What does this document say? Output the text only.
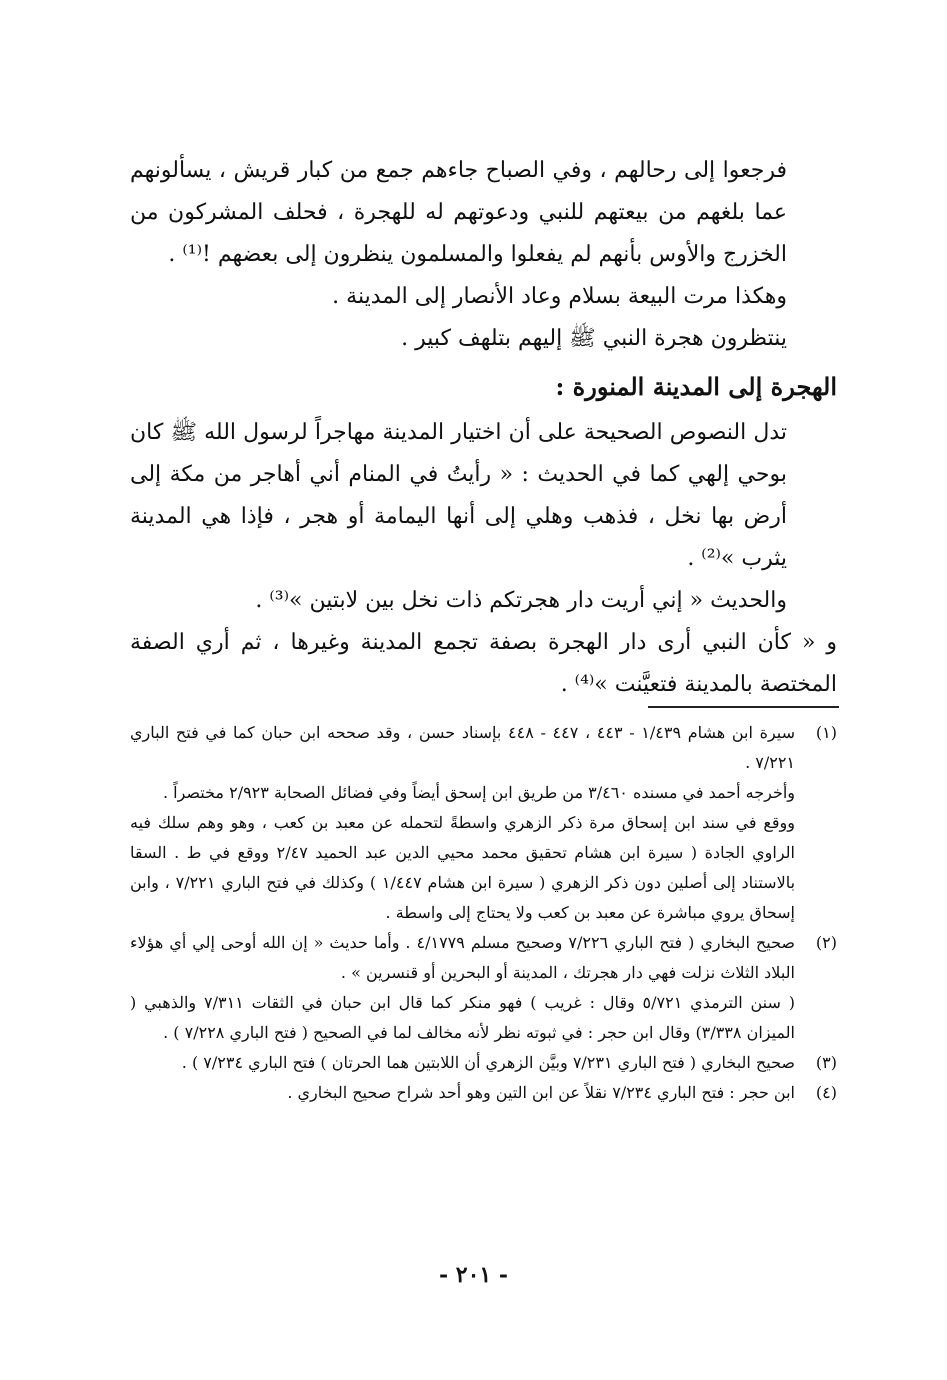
فرجعوا إلى رحالهم ، وفي الصباح جاءهم جمع من كبار قريش ، يسألونهم عما بلغهم من بيعتهم للنبي ودعوتهم له للهجرة ، فحلف المشركون من الخزرج والأوس بأنهم لم يفعلوا والمسلمون ينظرون إلى بعضهم !⁽¹⁾ .

وهكذا مرت البيعة بسلام وعاد الأنصار إلى المدينة .

ينتظرون هجرة النبي ﷺ إليهم بتلهف كبير .

الهجرة إلى المدينة المنورة :

تدل النصوص الصحيحة على أن اختيار المدينة مهاجراً لرسول الله ﷺ كان بوحي إلهي كما في الحديث : « رأيتُ في المنام أني أهاجر من مكة إلى أرض بها نخل ، فذهب وهلي إلى أنها اليمامة أو هجر ، فإذا هي المدينة يثرب »⁽²⁾ .

والحديث « إني أريت دار هجرتكم ذات نخل بين لابتين »⁽³⁾ .

و « كأن النبي أرى دار الهجرة بصفة تجمع المدينة وغيرها ، ثم أري الصفة المختصة بالمدينة فتعيَّنت »⁽⁴⁾ .

(١)

سيرة ابن هشام ١/٤٣٩ - ٤٤٣ ، ٤٤٧ - ٤٤٨ بإسناد حسن ، وقد صححه ابن حبان كما في فتح الباري ٧/٢٢١ .

وأخرجه أحمد في مسنده ٣/٤٦٠ من طريق ابن إسحق أيضاً وفي فضائل الصحابة ٢/٩٢٣ مختصراً .

ووقع في سند ابن إسحاق مرة ذكر الزهري واسطةً لتحمله عن معبد بن كعب ، وهو وهم سلك فيه الراوي الجادة ( سيرة ابن هشام تحقيق محمد محيي الدين عبد الحميد ٢/٤٧ ووقع في ط . السقا بالاستناد إلى أصلين دون ذكر الزهري ( سيرة ابن هشام ١/٤٤٧ ) وكذلك في فتح الباري ٧/٢٢١ ، وابن إسحاق يروي مباشرة عن معبد بن كعب ولا يحتاج إلى واسطة .

(٢)

صحيح البخاري ( فتح الباري ٧/٢٢٦ وصحيح مسلم ٤/١٧٧٩ . وأما حديث « إن الله أوحى إلي أي هؤلاء البلاد الثلاث نزلت فهي دار هجرتك ، المدينة أو البحرين أو قنسرين » .

( سنن الترمذي ٥/٧٢١ وقال : غريب ) فهو منكر كما قال ابن حبان في الثقات ٧/٣١١ والذهبي ( الميزان ٣/٣٣٨) وقال ابن حجر : في ثبوته نظر لأنه مخالف لما في الصحيح ( فتح الباري ٧/٢٢٨ ) .

(٣)

صحيح البخاري ( فتح الباري ٧/٢٣١ وبيَّن الزهري أن اللابتين هما الحرتان ) فتح الباري ٧/٢٣٤ ) .

(٤)

ابن حجر : فتح الباري ٧/٢٣٤ نقلاً عن ابن التين وهو أحد شراح صحيح البخاري .

- ٢٠١ -
